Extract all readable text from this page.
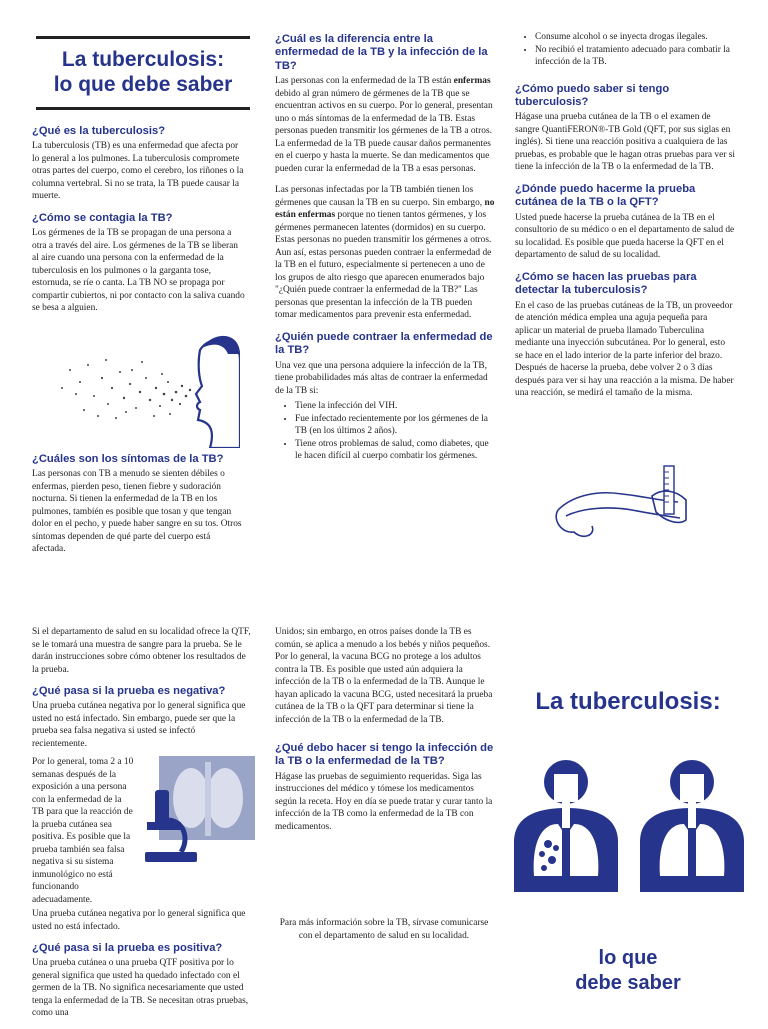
La tuberculosis:
lo que debe saber
¿Qué es la tuberculosis?

La tuberculosis (TB) es una enfermedad que afecta por lo general a los pulmones. La tuberculosis compromete otras partes del cuerpo, como el cerebro, los riñones o la columna vertebral. Si no se trata, la TB puede causar la muerte.

¿Cómo se contagia la TB?

Los gérmenes de la TB se propagan de una persona a otra a través del aire. Los gérmenes de la TB se liberan al aire cuando una persona con la enfermedad de la tuberculosis en los pulmones o la garganta tose, estornuda, se ríe o canta. La TB NO se propaga por compartir cubiertos, ni por contacto con la saliva cuando se besa a alguien.

¿Cuáles son los síntomas de la TB?

Las personas con TB a menudo se sienten débiles o enfermas, pierden peso, tienen fiebre y sudoración nocturna. Si tienen la enfermedad de la TB en los pulmones, también es posible que tosan y que tengan dolor en el pecho, y puede haber sangre en su tos. Otros síntomas dependen de qué parte del cuerpo está afectada.

¿Cuál es la diferencia entre la enfermedad de la TB y la infección de la TB?

Las personas con la enfermedad de la TB están enfermas debido al gran número de gérmenes de la TB que se encuentran activos en su cuerpo. Por lo general, presentan uno o más síntomas de la enfermedad de la TB. Estas personas pueden transmitir los gérmenes de la TB a otros. La enfermedad de la TB puede causar daños permanentes en el cuerpo y hasta la muerte. Se dan medicamentos que pueden curar la enfermedad de la TB a esas personas.

Las personas infectadas por la TB también tienen los gérmenes que causan la TB en su cuerpo. Sin embargo, no están enfermas porque no tienen tantos gérmenes, y los gérmenes permanecen latentes (dormidos) en su cuerpo. Estas personas no pueden transmitir los gérmenes a otros. Aun así, estas personas pueden contraer la enfermedad de la TB en el futuro, especialmente si pertenecen a uno de los grupos de alto riesgo que aparecen enumerados bajo "¿Quién puede contraer la enfermedad de la TB?" Las personas que presentan la infección de la TB pueden tomar medicamentos para prevenir esta enfermedad.

¿Quién puede contraer la enfermedad de la TB?

Una vez que una persona adquiere la infección de la TB, tiene probabilidades más altas de contraer la enfermedad de la TB si:

• Tiene la infección del VIH.
• Fue infectado recientemente por los gérmenes de la TB (en los últimos 2 años).
• Tiene otros problemas de salud, como diabetes, que le hacen difícil al cuerpo combatir los gérmenes.
• Consume alcohol o se inyecta drogas ilegales.
• No recibió el tratamiento adecuado para combatir la infección de la TB.
¿Cómo puedo saber si tengo tuberculosis?

Hágase una prueba cutánea de la TB o el examen de sangre QuantiFERON®-TB Gold (QFT, por sus siglas en inglés). Si tiene una reacción positiva a cualquiera de las pruebas, es probable que le hagan otras pruebas para ver si tiene la infección de la TB o la enfermedad de la TB.

¿Dónde puedo hacerme la prueba cutánea de la TB o la QFT?

Usted puede hacerse la prueba cutánea de la TB en el consultorio de su médico o en el departamento de salud de su localidad. Es posible que pueda hacerse la QFT en el departamento de salud de su localidad.

¿Cómo se hacen las pruebas para detectar la tuberculosis?

En el caso de las pruebas cutáneas de la TB, un proveedor de atención médica emplea una aguja pequeña para aplicar un material de prueba llamado Tuberculina mediante una inyección subcutánea. Por lo general, esto se hace en el lado interior de la parte inferior del brazo. Después de hacerse la prueba, debe volver 2 o 3 días después para ver si hay una reacción a la misma. De haber una reacción, se medirá el tamaño de la misma.

Si el departamento de salud en su localidad ofrece la QTF, se le tomará una muestra de sangre para la prueba. Se le darán instrucciones sobre cómo obtener los resultados de la prueba.

¿Qué pasa si la prueba es negativa?

Una prueba cutánea negativa por lo general significa que usted no está infectado. Sin embargo, puede ser que la prueba sea falsa negativa si usted se infectó recientemente.

Por lo general, toma 2 a 10 semanas después de la exposición a una persona con la enfermedad de la TB para que la reacción de la prueba cutánea sea positiva. Es posible que la prueba también sea falsa negativa si su sistema inmunológico no está funcionando adecuadamente.

Una prueba cutánea negativa por lo general significa que usted no está infectado.

¿Qué pasa si la prueba es positiva?

Una prueba cutánea o una prueba QTF positiva por lo general significa que usted ha quedado infectado con el germen de la TB. No significa necesariamente que usted tenga la enfermedad de la TB. Se necesitan otras pruebas, como una

Unidos; sin embargo, en otros países donde la TB es común, se aplica a menudo a los bebés y niños pequeños. Por lo general, la vacuna BCG no protege a los adultos contra la TB. Es posible que usted aún adquiera la infección de la TB o la enfermedad de la TB. Aunque le hayan aplicado la vacuna BCG, usted necesitará la prueba cutánea de la TB o la QFT para determinar si tiene la infección de la TB o la enfermedad de la TB.

¿Qué debo hacer si tengo la infección de la TB o la enfermedad de la TB?

Hágase las pruebas de seguimiento requeridas. Siga las instrucciones del médico y tómese los medicamentos según la receta. Hoy en día se puede tratar y curar tanto la infección de la TB como la enfermedad de la TB con medicamentos.

Para más información sobre la TB, sírvase comunicarse con el departamento de salud en su localidad.
La tuberculosis:
lo que
debe saber
